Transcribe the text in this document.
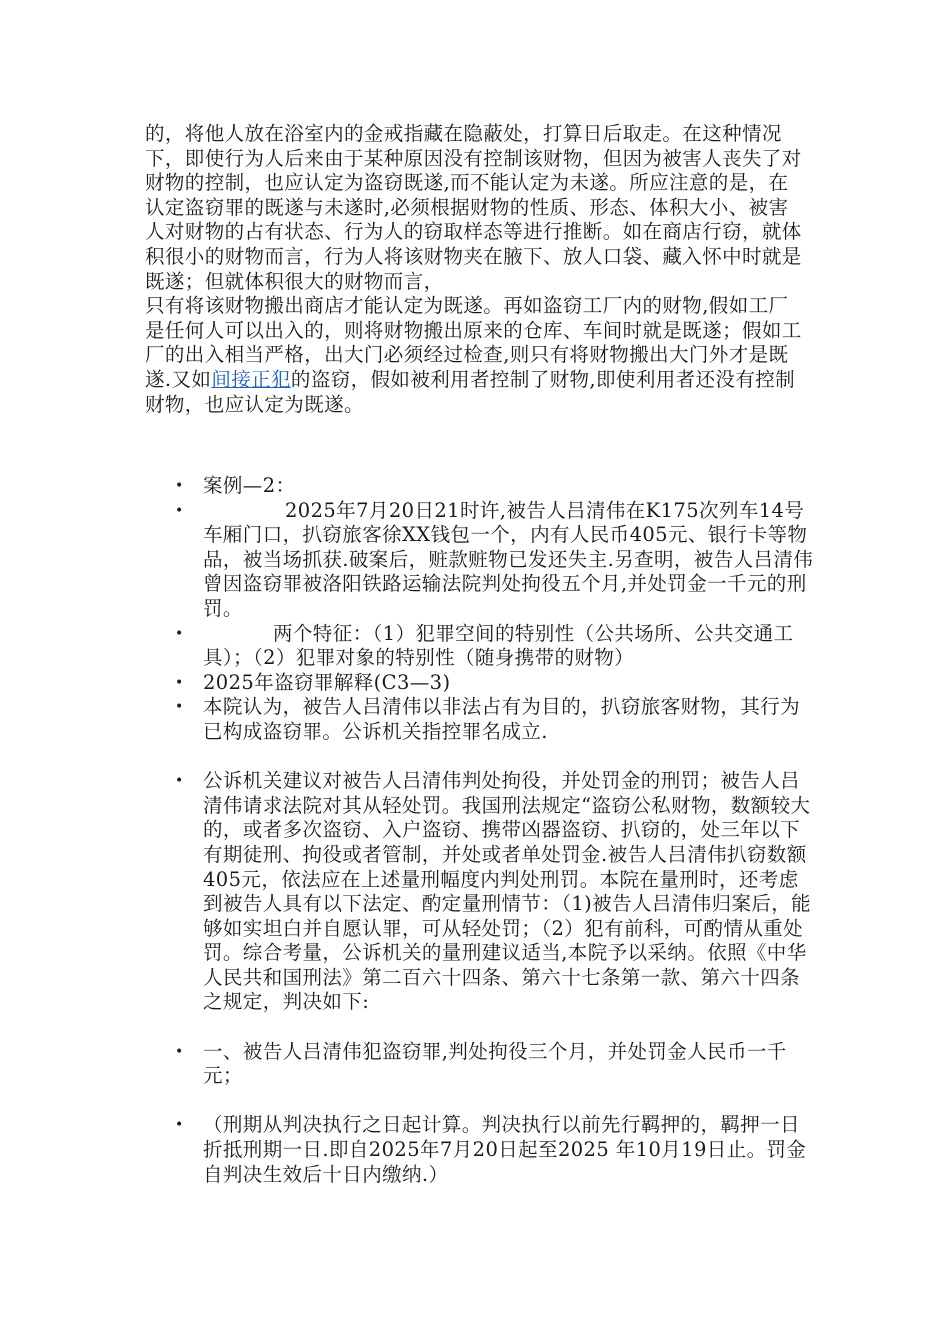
的，将他人放在浴室内的金戒指藏在隐蔽处，打算日后取走。在这种情况下，即使行为人后来由于某种原因没有控制该财物，但因为被害人丧失了对财物的控制，也应认定为盗窃既遂,而不能认定为未遂。所应注意的是，在认定盗窃罪的既遂与未遂时,必须根据财物的性质、形态、体积大小、被害人对财物的占有状态、行为人的窃取样态等进行推断。如在商店行窃，就体积很小的财物而言，行为人将该财物夹在腋下、放人口袋、藏入怀中时就是既遂；但就体积很大的财物而言，

只有将该财物搬出商店才能认定为既遂。再如盗窃工厂内的财物,假如工厂是任何人可以出入的，则将财物搬出原来的仓库、车间时就是既遂；假如工厂的出入相当严格，出大门必须经过检查,则只有将财物搬出大门外才是既遂.又如间接正犯的盗窃，假如被利用者控制了财物,即使利用者还没有控制财物，也应认定为既遂。

• 案例—2：
•	2025年7月20日21时许,被告人吕清伟在K175次列车14号车厢门口，扒窃旅客徐XX钱包一个，内有人民币405元、银行卡等物品，被当场抓获.破案后，赃款赃物已发还失主.另查明，被告人吕清伟曾因盗窃罪被洛阳铁路运输法院判处拘役五个月,并处罚金一千元的刑罚。
•	两个特征：（1）犯罪空间的特别性（公共场所、公共交通工具）；（2）犯罪对象的特别性（随身携带的财物）
• 2025年盗窃罪解释(C3—3)
• 本院认为，被告人吕清伟以非法占有为目的，扒窃旅客财物，其行为已构成盗窃罪。公诉机关指控罪名成立.
• 公诉机关建议对被告人吕清伟判处拘役，并处罚金的刑罚；被告人吕清伟请求法院对其从轻处罚。我国刑法规定“盗窃公私财物，数额较大的，或者多次盗窃、入户盗窃、携带凶器盗窃、扒窃的，处三年以下有期徒刑、拘役或者管制，并处或者单处罚金.被告人吕清伟扒窃数额405元，依法应在上述量刑幅度内判处刑罚。本院在量刑时，还考虑到被告人具有以下法定、酌定量刑情节：（1)被告人吕清伟归案后，能够如实坦白并自愿认罪，可从轻处罚；（2）犯有前科，可酌情从重处罚。综合考量，公诉机关的量刑建议适当,本院予以采纳。依照《中华人民共和国刑法》第二百六十四条、第六十七条第一款、第六十四条之规定，判决如下:
• 一、被告人吕清伟犯盗窃罪,判处拘役三个月，并处罚金人民币一千元；
• （刑期从判决执行之日起计算。判决执行以前先行羁押的，羁押一日折抵刑期一日.即自2025年7月20日起至2025 年10月19日止。罚金自判决生效后十日内缴纳.）
